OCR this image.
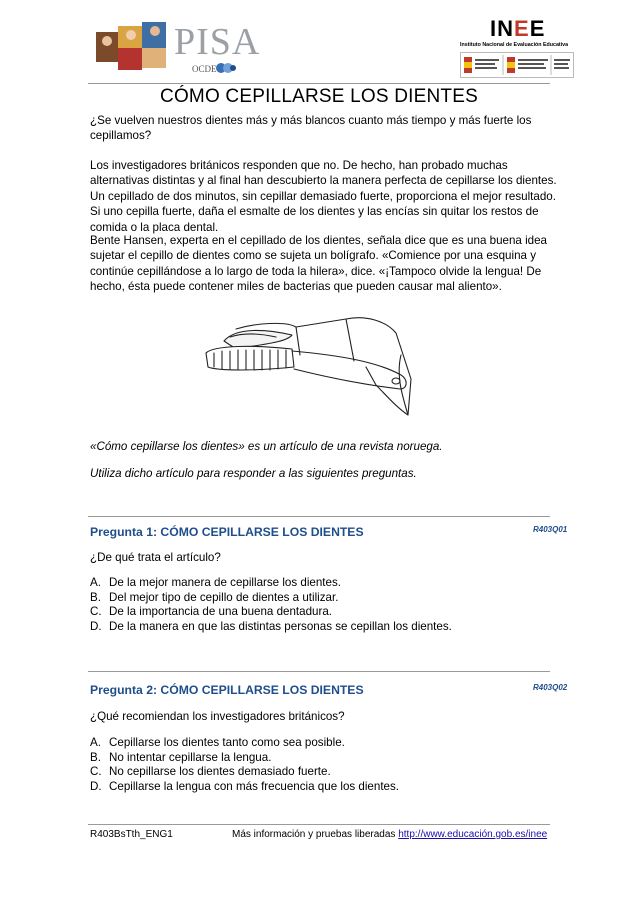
PISA
OCDE
INEE
Instituto Nacional de Evaluación Educativa
CÓMO CEPILLARSE LOS DIENTES
¿Se vuelven nuestros dientes más y más blancos cuanto más tiempo y más fuerte los cepillamos?
Los investigadores británicos responden que no. De hecho, han probado muchas alternativas distintas y al final han descubierto la manera perfecta de cepillarse los dientes. Un cepillado de dos minutos, sin cepillar demasiado fuerte, proporciona el mejor resultado. Si uno cepilla fuerte, daña el esmalte de los dientes y las encías sin quitar los restos de comida o la placa dental.
Bente Hansen, experta en el cepillado de los dientes, señala dice que es una buena idea sujetar el cepillo de dientes como se sujeta un bolígrafo. «Comience por una esquina y continúe cepillándose a lo largo de toda la hilera», dice. «¡Tampoco olvide la lengua! De hecho, ésta puede contener miles de bacterias que pueden causar mal aliento».
«Cómo cepillarse los dientes» es un artículo de una revista noruega.
Utiliza dicho artículo para responder a las siguientes preguntas.
Pregunta 1: CÓMO CEPILLARSE LOS DIENTES	R403Q01
¿De qué trata el artículo?
A. De la mejor manera de cepillarse los dientes.
B. Del mejor tipo de cepillo de dientes a utilizar.
C. De la importancia de una buena dentadura.
D. De la manera en que las distintas personas se cepillan los dientes.
Pregunta 2: CÓMO CEPILLARSE LOS DIENTES	R403Q02
¿Qué recomiendan los investigadores británicos?
A. Cepillarse los dientes tanto como sea posible.
B. No intentar cepillarse la lengua.
C. No cepillarse los dientes demasiado fuerte.
D. Cepillarse la lengua con más frecuencia que los dientes.
R403BsTth_ENG1	Más información y pruebas liberadas http://www.educación.gob.es/inee
